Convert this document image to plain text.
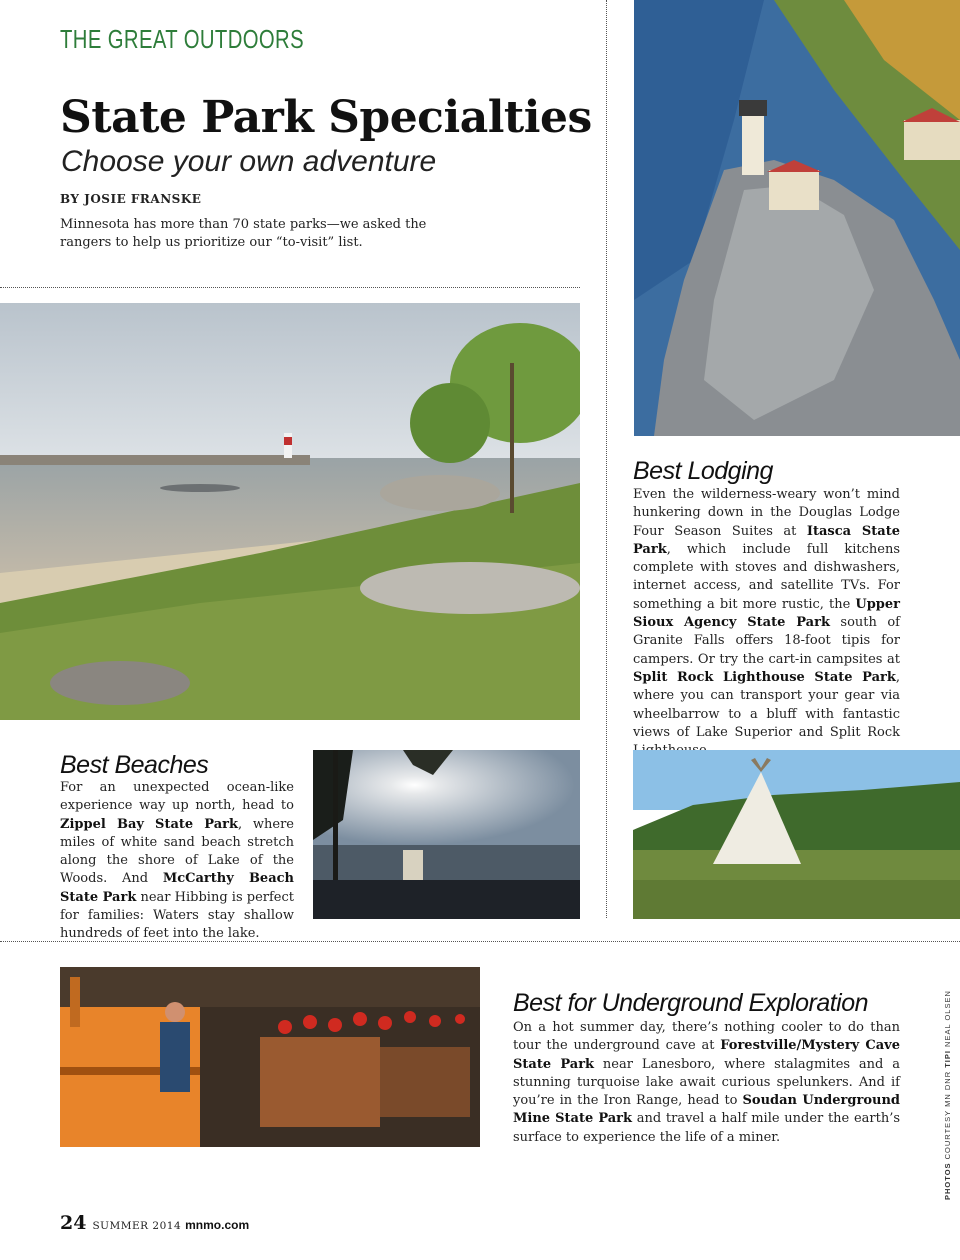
THE GREAT OUTDOORS
State Park Specialties
Choose your own adventure
BY JOSIE FRANSKE
Minnesota has more than 70 state parks—we asked the rangers to help us prioritize our “to-visit” list.
Best Lodging
Even the wilderness-weary won’t mind hunkering down in the Douglas Lodge Four Season Suites at Itasca State Park, which include full kitchens complete with stoves and dishwashers, internet access, and satellite TVs. For something a bit more rustic, the Upper Sioux Agency State Park south of Granite Falls offers 18-foot tipis for campers. Or try the cart-in campsites at Split Rock Lighthouse State Park, where you can transport your gear via wheelbarrow to a bluff with fantastic views of Lake Superior and Split Rock
Best Beaches
For an unexpected ocean-like experience way up north, head to Zippel Bay State Park, where miles of white sand beach stretch along the shore of Lake of the Woods. And McCarthy Beach State Park near Hibbing is perfect for families: Waters stay shallow hundreds of feet into the lake.
Best for Underground Exploration
On a hot summer day, there’s nothing cooler to do than tour the underground cave at Forestville/Mystery Cave State Park near Lanesboro, where stalagmites and a stunning turquoise lake await curious spelunkers. And if you’re in the Iron Range, head to Soudan Underground Mine State Park and travel a half mile under the earth’s surface to experience the life of a miner.
PHOTOS COURTESY MN DNR TIPI NEAL OLSEN
24 SUMMER 2014 mnmo.com
